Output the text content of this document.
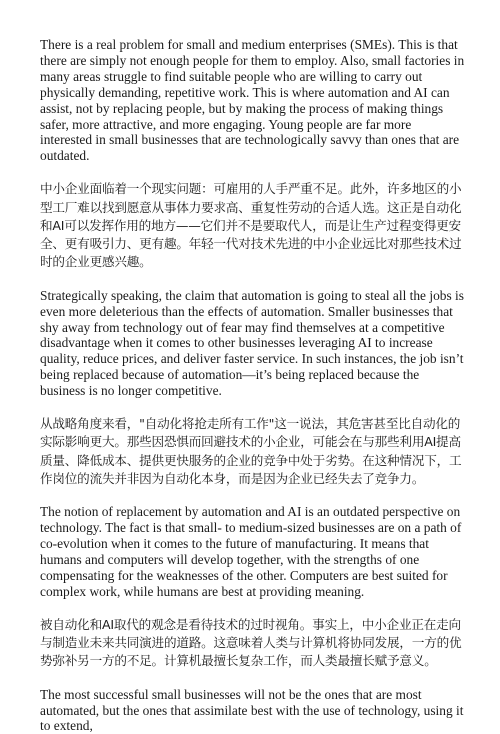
There is a real problem for small and medium enterprises (SMEs). This is that there are simply not enough people for them to employ. Also, small factories in many areas struggle to find suitable people who are willing to carry out physically demanding, repetitive work. This is where automation and AI can assist, not by replacing people, but by making the process of making things safer, more attractive, and more engaging. Young people are far more interested in small businesses that are technologically savvy than ones that are outdated.

中小企业面临着一个现实问题：可雇用的人手严重不足。此外，许多地区的小型工厂难以找到愿意从事体力要求高、重复性劳动的合适人选。这正是自动化和AI可以发挥作用的地方——它们并不是要取代人，而是让生产过程变得更安全、更有吸引力、更有趣。年轻一代对技术先进的中小企业远比对那些技术过时的企业更感兴趣。

Strategically speaking, the claim that automation is going to steal all the jobs is even more deleterious than the effects of automation. Smaller businesses that shy away from technology out of fear may find themselves at a competitive disadvantage when it comes to other businesses leveraging AI to increase quality, reduce prices, and deliver faster service. In such instances, the job isn’t being replaced because of automation—it’s being replaced because the business is no longer competitive.

从战略角度来看，"自动化将抢走所有工作"这一说法，其危害甚至比自动化的实际影响更大。那些因恐惧而回避技术的小企业，可能会在与那些利用AI提高质量、降低成本、提供更快服务的企业的竞争中处于劣势。在这种情况下，工作岗位的流失并非因为自动化本身，而是因为企业已经失去了竞争力。

The notion of replacement by automation and AI is an outdated perspective on technology. The fact is that small- to medium-sized businesses are on a path of co-evolution when it comes to the future of manufacturing. It means that humans and computers will develop together, with the strengths of one compensating for the weaknesses of the other. Computers are best suited for complex work, while humans are best at providing meaning.

被自动化和AI取代的观念是看待技术的过时视角。事实上，中小企业正在走向与制造业未来共同演进的道路。这意味着人类与计算机将协同发展，一方的优势弥补另一方的不足。计算机最擅长复杂工作，而人类最擅长赋予意义。

The most successful small businesses will not be the ones that are most automated, but the ones that assimilate best with the use of technology, using it to extend,
